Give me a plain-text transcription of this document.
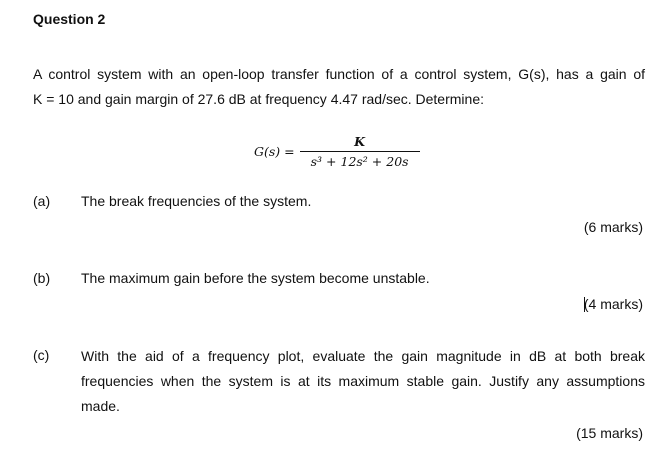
Question 2
A control system with an open-loop transfer function of a control system, G(s), has a gain of
K = 10 and gain margin of 27.6 dB at frequency 4.47 rad/sec. Determine:
$G(s) = \frac{K}{\text{s³ + 12s² + 20s}}$
(a) The break frequencies of the system.
(6 marks)
(b) The maximum gain before the system become unstable.
(4 marks)
(c) With the aid of a frequency plot, evaluate the gain magnitude in dB at both break
frequencies when the system is at its maximum stable gain. Justify any assumptions
made.
(15 marks)
